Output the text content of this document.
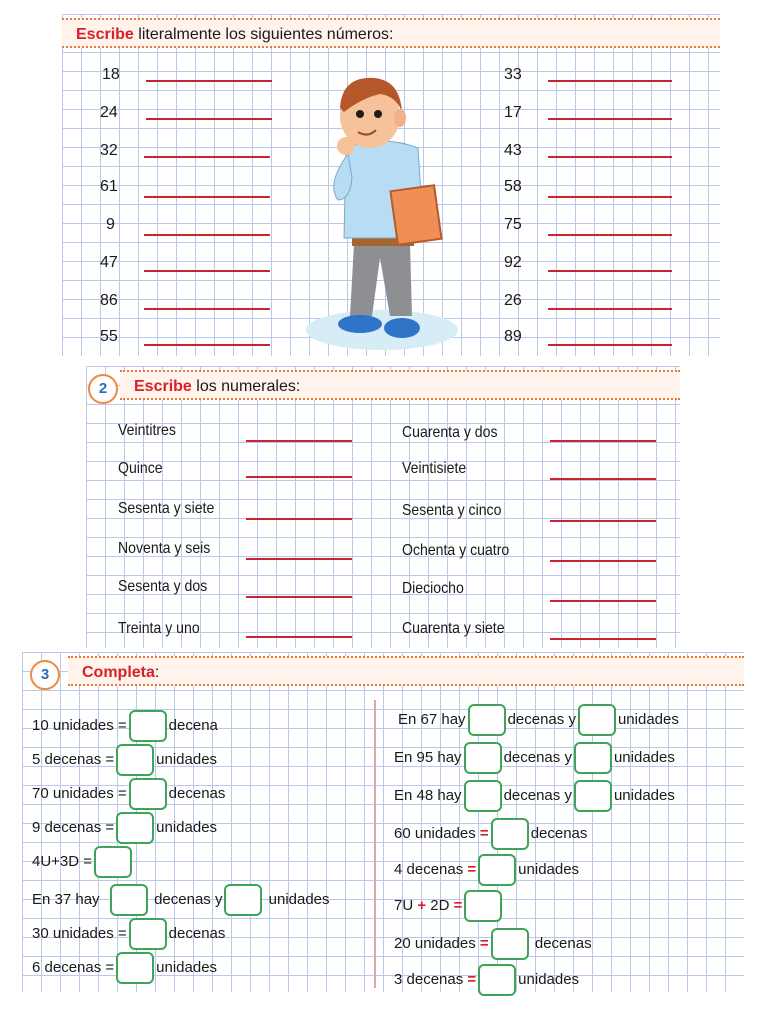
Escribe literalmente los siguientes números:
18
24
32
61
9
47
86
55
33
17
43
58
75
92
26
89
Escribe los numerales:
2
Veintitres
Quince
Sesenta y siete
Noventa y seis
Sesenta y dos
Treinta y uno
Cuarenta y dos
Veintisiete
Sesenta y cinco
Ochenta y cuatro
Dieciocho
Cuarenta y siete
Completa:
3
10 unidades =	decena
5 decenas =	unidades
70 unidades =	decenas
9 decenas =	unidades
4U+3D =
En 37 hay	decenas y	unidades
30 unidades =	decenas
6 decenas =	unidades
En 67 hay	decenas y	unidades
En 95 hay	decenas y	unidades
En 48 hay	decenas y	unidades
60 unidades =	decenas
4 decenas =	unidades
7U + 2D =
20 unidades =	decenas
3 decenas =	unidades
